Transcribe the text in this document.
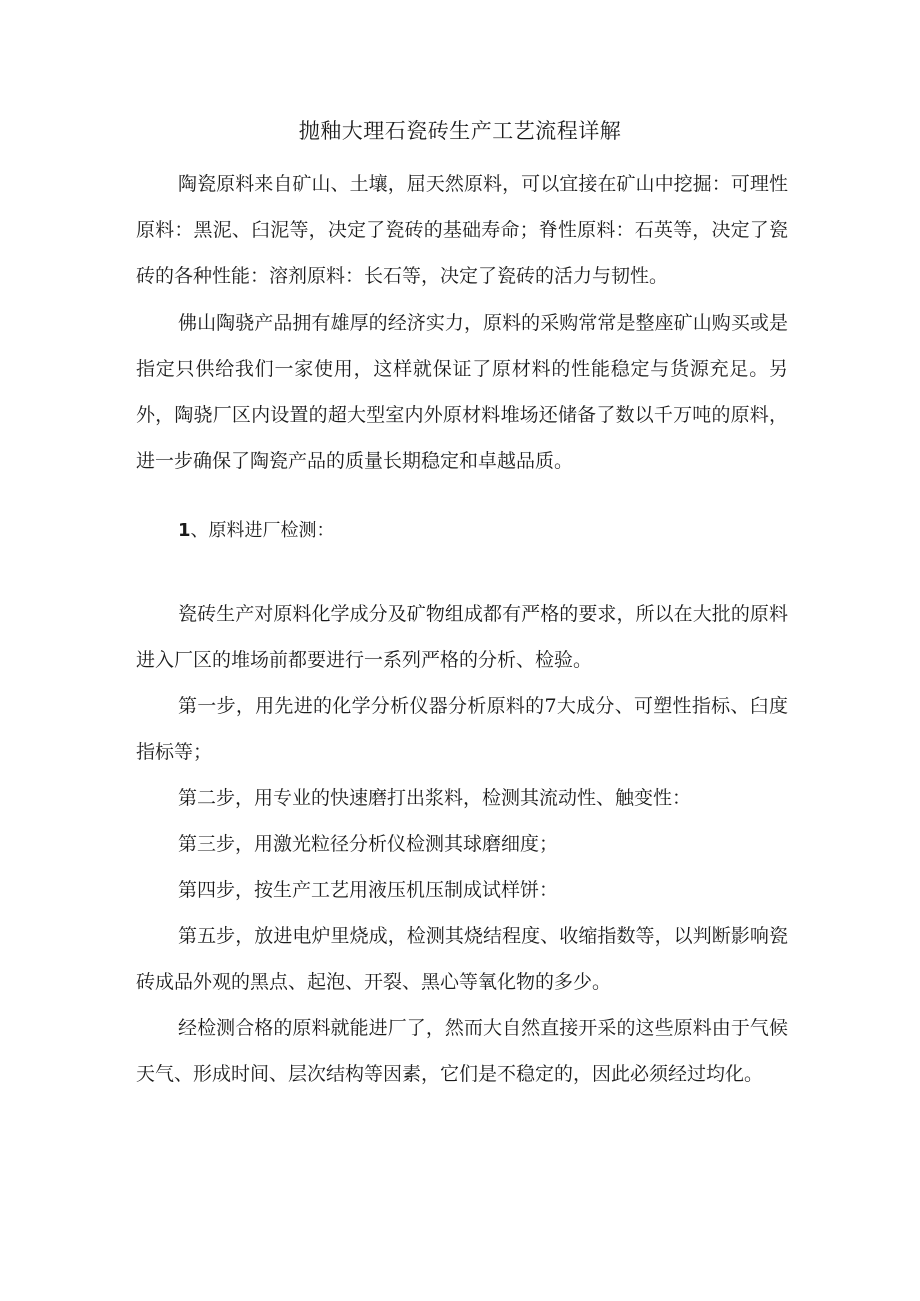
抛釉大理石瓷砖生产工艺流程详解

陶瓷原料来自矿山、土壤，屈天然原料，可以宜接在矿山中挖掘：可理性原料：黑泥、臼泥等，决定了瓷砖的基础寿命；脊性原料：石英等，决定了瓷砖的各种性能：溶剂原料：长石等，决定了瓷砖的活力与韧性。

佛山陶骁产品拥有雄厚的经济实力，原料的采购常常是整座矿山购买或是指定只供给我们一家使用，这样就保证了原材料的性能稳定与货源充足。另外，陶骁厂区内设置的超大型室内外原材料堆场还储备了数以千万吨的原料，进一步确保了陶瓷产品的质量长期稳定和卓越品质。

1、原料进厂检测：

瓷砖生产对原料化学成分及矿物组成都有严格的要求，所以在大批的原料进入厂区的堆场前都要进行一系列严格的分析、检验。

第一步，用先进的化学分析仪器分析原料的7大成分、可塑性指标、臼度指标等；

第二步，用专业的快速磨打出浆料，检测其流动性、触变性：

第三步，用激光粒径分析仪检测其球磨细度；

第四步，按生产工艺用液压机压制成试样饼：

第五步，放进电炉里烧成，检测其烧结程度、收缩指数等，以判断影响瓷砖成品外观的黑点、起泡、开裂、黑心等氧化物的多少。

经检测合格的原料就能进厂了，然而大自然直接开采的这些原料由于气候天气、形成时间、层次结构等因素，它们是不稳定的，因此必须经过均化。
